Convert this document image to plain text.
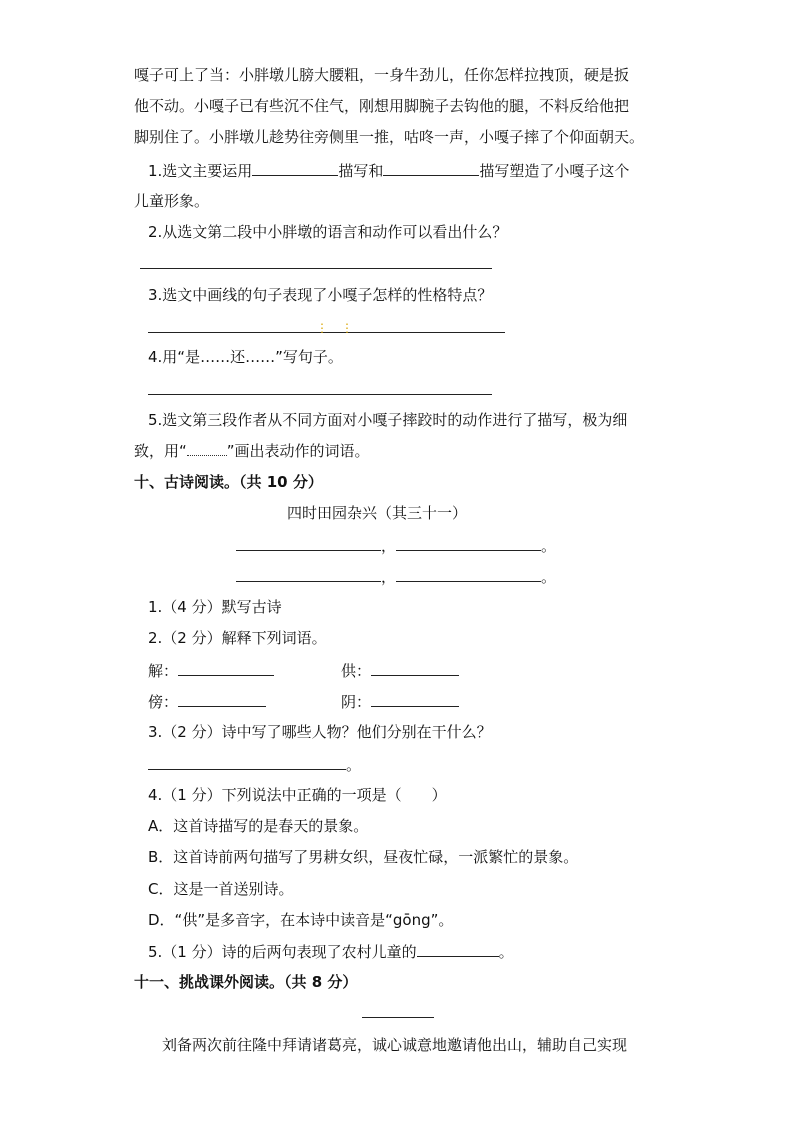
嘎子可上了当：小胖墩儿膀大腰粗，一身牛劲儿，任你怎样拉拽顶，硬是扳
他不动。小嘎子已有些沉不住气，刚想用脚腕子去钩他的腿，不料反给他把
脚别住了。小胖墩儿趁势往旁侧里一推，咕咚一声，小嘎子摔了个仰面朝天。
1.选文主要运用	描写和	描写塑造了小嘎子这个
儿童形象。
2.从选文第二段中小胖墩的语言和动作可以看出什么？
3.选文中画线的句子表现了小嘎子怎样的性格特点？
⋮ ⋮
4.用“是……还……”写句子。
5.选文第三段作者从不同方面对小嘎子摔跤时的动作进行了描写，极为细
致，用“	”画出表动作的词语。
十、古诗阅读。（共 10 分）
四时田园杂兴（其三十一）
，	。
，	。
1.（4 分）默写古诗
2.（2 分）解释下列词语。
解：	供：
傍：	阴：
3.（2 分）诗中写了哪些人物？他们分别在干什么？
。
4.（1 分）下列说法中正确的一项是（　　）
A．这首诗描写的是春天的景象。
B．这首诗前两句描写了男耕女织，昼夜忙碌，一派繁忙的景象。
C．这是一首送别诗。
D．“供”是多音字，在本诗中读音是“gōng”。
5.（1 分）诗的后两句表现了农村儿童的	。
十一、挑战课外阅读。（共 8 分）
刘备两次前往隆中拜请诸葛亮，诚心诚意地邀请他出山，辅助自己实现
